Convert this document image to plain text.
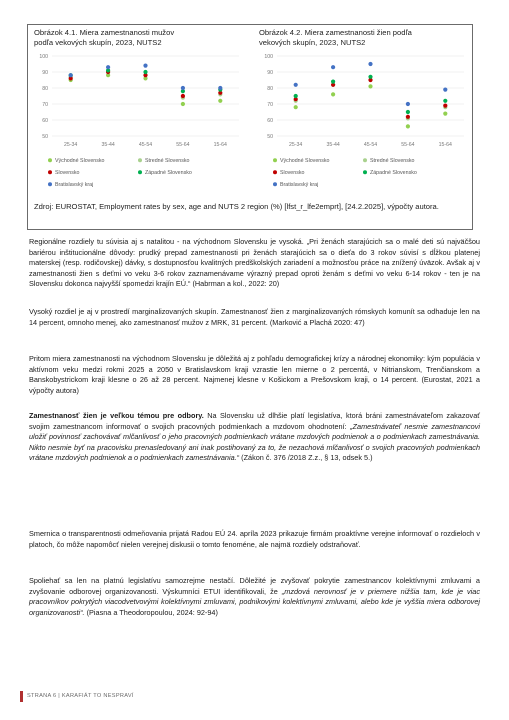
Obrázok 4.1. Miera zamestnanosti mužov
podľa vekových skupín, 2023, NUTS2
50
60
70
80
90
100
25-34	35-44	45-54	55-64	15-64
Východné Slovensko	Stredné Slovensko
Slovensko	Západné Slovensko
Bratislavský kraj
Obrázok 4.2. Miera zamestnanosti žien podľa
vekových skupín, 2023, NUTS2
50
60
70
80
90
100
25-34	35-44	45-54	55-64	15-64
Východné Slovensko	Stredné Slovensko
Slovensko	Západné Slovensko
Bratislavský kraj
Zdroj: EUROSTAT, Employment rates by sex, age and NUTS 2 region (%) [lfst_r_lfe2emprt], [24.2.2025], výpočty autora.
Regionálne rozdiely tu súvisia aj s natalitou - na východnom Slovensku je vysoká. „Pri ženách starajúcich sa o malé deti sú najväčšou bariérou inštitucionálne dôvody: prudký prepad zamestnanosti pri ženách starajúcich sa o dieťa do 3 rokov súvisí s dĺžkou platenej materskej (resp. rodičovskej) dávky, s dostupnosťou kvalitných predškolských zariadení a možnosťou práce na znížený úväzok. Avšak aj v zamestnanosti žien s deťmi vo veku 3-6 rokov zaznamenávame výrazný prepad oproti ženám s deťmi vo veku 6-14 rokov - ten je na Slovensku dokonca najvyšší spomedzi krajín EÚ.“ (Habrman a kol., 2022: 20)
Vysoký rozdiel je aj v prostredí marginalizovaných skupín. Zamestnanosť žien z marginalizovaných rómskych komunít sa odhaduje len na 14 percent, omnoho menej, ako zamestnanosť mužov z MRK, 31 percent. (Marković a Plachá 2020: 47)
Pritom miera zamestnanosti na východnom Slovensku je dôležitá aj z pohľadu demografickej krízy a národnej ekonomiky: kým populácia v aktívnom veku medzi rokmi 2025 a 2050 v Bratislavskom kraji vzrastie len mierne o 2 percentá, v Nitrianskom, Trenčianskom a Banskobystrickom kraji klesne o 26 až 28 percent. Najmenej klesne v Košickom a Prešovskom kraji, o 14 percent. (Eurostat, 2021 a výpočty autora)
Zamestnanosť žien je veľkou témou pre odbory. Na Slovensku už dlhšie platí legislatíva, ktorá bráni zamestnávateľom zakazovať svojim zamestnancom informovať o svojich pracovných podmienkach a mzdovom ohodnotení: „Zamestnávateľ nesmie zamestnancovi uložiť povinnosť zachovávať mlčanlivosť o jeho pracovných podmienkach vrátane mzdových podmienok a o podmienkach zamestnávania. Nikto nesmie byť na pracovisku prenasledovaný ani inak postihovaný za to, že nezachová mlčanlivosť o svojich pracovných podmienkach vrátane mzdových podmienok a o podmienkach zamestnávania.“ (Zákon č. 376 /2018 Z.z., § 13, odsek 5.)
Smernica o transparentnosti odmeňovania prijatá Radou EÚ 24. apríla 2023 prikazuje firmám proaktívne verejne informovať o rozdieloch v platoch, čo môže napomôcť nielen verejnej diskusii o tomto fenoméne, ale najmä rozdiely odstraňovať.
Spoliehať sa len na platnú legislatívu samozrejme nestačí. Dôležité je zvyšovať pokrytie zamestnancov kolektívnymi zmluvami a zvyšovanie odborovej organizovanosti. Výskumníci ETUI identifikovali, že „mzdová nerovnosť je v priemere nižšia tam, kde je viac pracovníkov pokrytých viacodvetvovými kolektívnymi zmluvami, podnikovými kolektívnymi zmluvami, alebo kde je vyššia miera odborovej organizovanosti“. (Piasna a Theodoropoulou, 2024: 92-94)
STRANA 6 | KARAFIÁT TO NESPRAVÍ
